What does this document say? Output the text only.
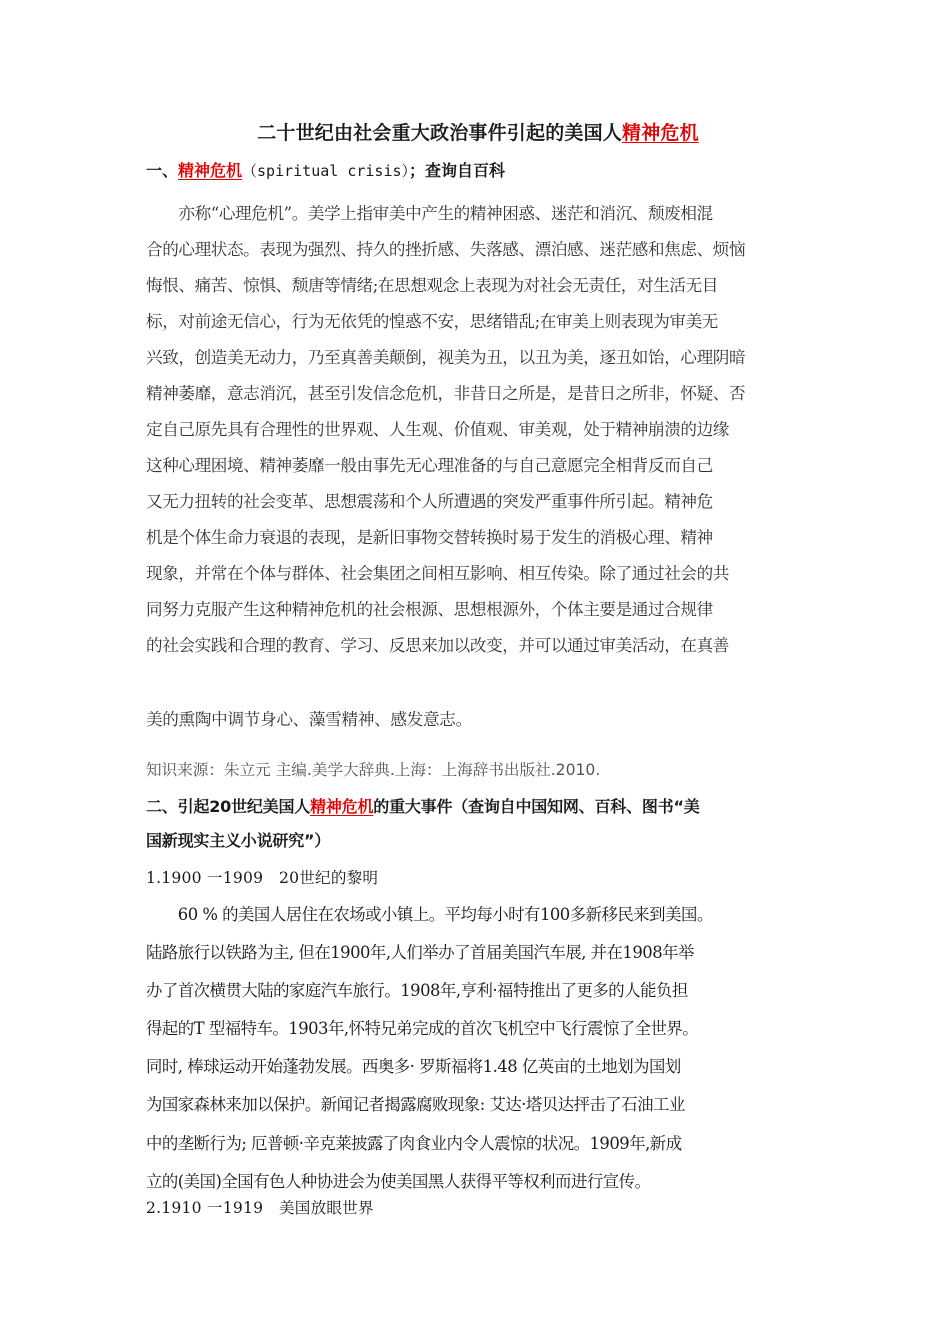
二十世纪由社会重大政治事件引起的美国人精神危机
一、精神危机（spiritual crisis）；查询自百科
　　亦称“心理危机”。美学上指审美中产生的精神困惑、迷茫和消沉、颓废相混
合的心理状态。表现为强烈、持久的挫折感、失落感、漂泊感、迷茫感和焦虑、烦恼
悔恨、痛苦、惊惧、颓唐等情绪;在思想观念上表现为对社会无责任，对生活无目
标，对前途无信心，行为无依凭的惶惑不安，思绪错乱;在审美上则表现为审美无
兴致，创造美无动力，乃至真善美颠倒，视美为丑，以丑为美，逐丑如饴，心理阴暗
精神萎靡，意志消沉，甚至引发信念危机，非昔日之所是，是昔日之所非，怀疑、否
定自己原先具有合理性的世界观、人生观、价值观、审美观，处于精神崩溃的边缘
这种心理困境、精神萎靡一般由事先无心理准备的与自己意愿完全相背反而自己
又无力扭转的社会变革、思想震荡和个人所遭遇的突发严重事件所引起。精神危
机是个体生命力衰退的表现，是新旧事物交替转换时易于发生的消极心理、精神
现象，并常在个体与群体、社会集团之间相互影响、相互传染。除了通过社会的共
同努力克服产生这种精神危机的社会根源、思想根源外，个体主要是通过合规律
的社会实践和合理的教育、学习、反思来加以改变，并可以通过审美活动，在真善
美的熏陶中调节身心、藻雪精神、感发意志。
知识来源：朱立元 主编.美学大辞典.上海：上海辞书出版社.2010.
二、引起20世纪美国人精神危机的重大事件（查询自中国知网、百科、图书“美
国新现实主义小说研究”）
1.1900 一1909　20世纪的黎明
　　60 % 的美国人居住在农场或小镇上。平均每小时有100多新移民来到美国。
陆路旅行以铁路为主, 但在1900年,人们举办了首届美国汽车展, 并在1908年举
办了首次横贯大陆的家庭汽车旅行。1908年,亨利·福特推出了更多的人能负担
得起的T 型福特车。1903年,怀特兄弟完成的首次飞机空中飞行震惊了全世界。
同时, 棒球运动开始蓬勃发展。西奥多· 罗斯福将1.48 亿英亩的土地划为国划
为国家森林来加以保护。新闻记者揭露腐败现象: 艾达·塔贝达抨击了石油工业
中的垄断行为; 厄普顿·辛克莱披露了肉食业内令人震惊的状况。1909年,新成
立的(美国)全国有色人种协进会为使美国黑人获得平等权利而进行宣传。
2.1910 一1919　美国放眼世界
